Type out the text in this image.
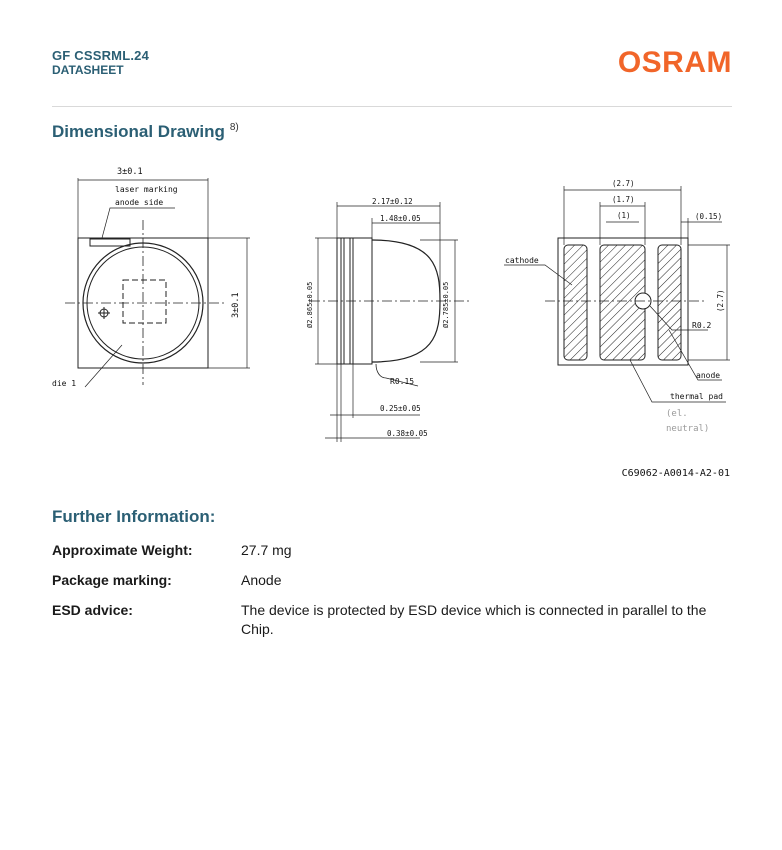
GF CSSRML.24
DATASHEET	OSRAM
Dimensional Drawing $^{8)}$
3±0.1
laser marking
anode side
3±0.1
die 1
2.17±0.12
1.48±0.05
Ø2.865±0.05	Ø2.785±0.05
R0.15
0.25±0.05
0.38±0.05
(2.7)
(1.7)
(1)	(0.15)
cathode
(2.7)
R0.2
anode
thermal pad
(el.
neutral)
C69062-A0014-A2-01
Further Information:
Approximate Weight:	27.7 mg
Package marking:	Anode
ESD advice:	The device is protected by ESD device which is connected in parallel to the Chip.
